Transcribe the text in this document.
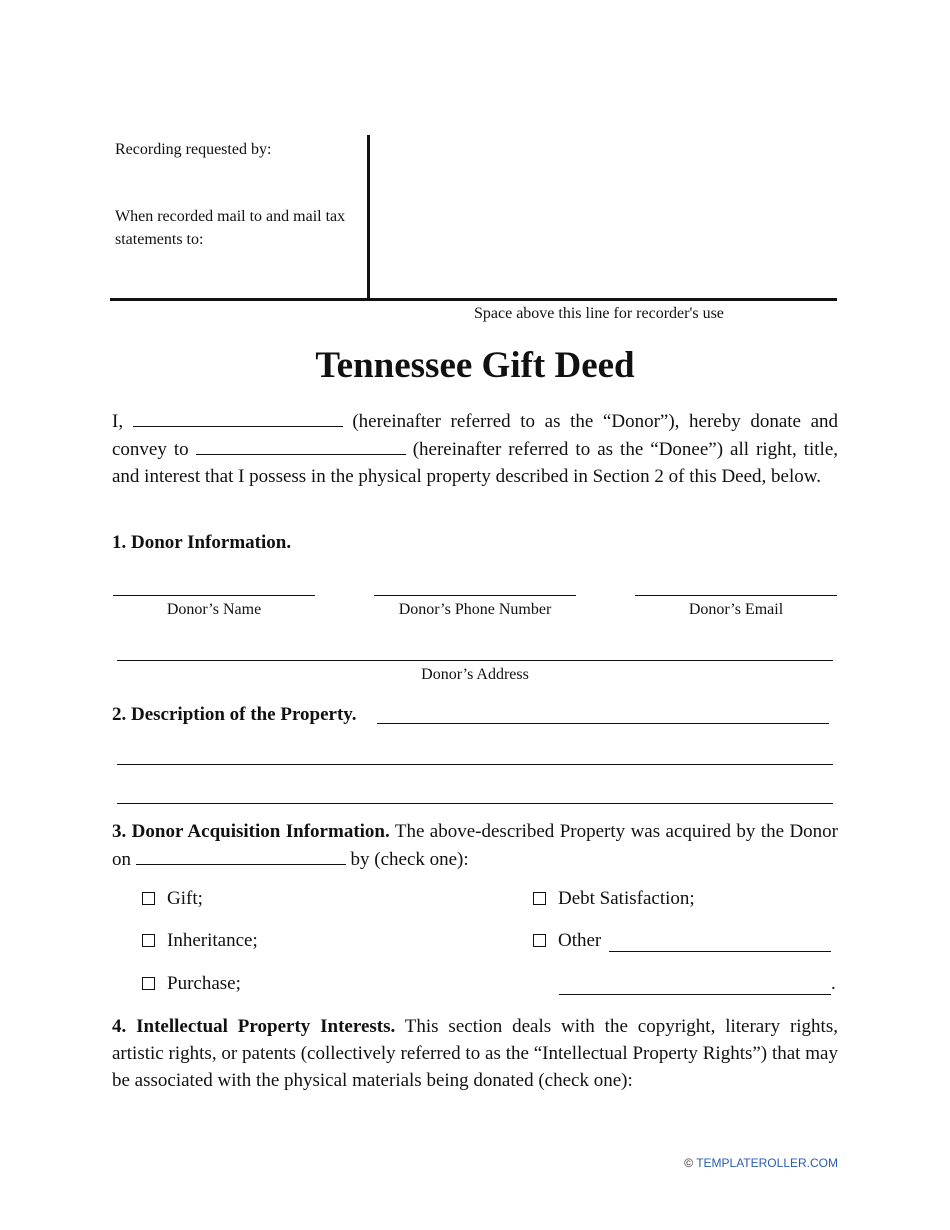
Recording requested by:
When recorded mail to and mail tax statements to:
Space above this line for recorder's use
Tennessee Gift Deed
I,	(hereinafter referred to as the “Donor”), hereby donate and convey to	(hereinafter referred to as the “Donee”) all right, title, and interest that I possess in the physical property described in Section 2 of this Deed, below.
1. Donor Information.
Donor’s Name	Donor’s Phone Number	Donor’s Email
Donor’s Address
2. Description of the Property.
3. Donor Acquisition Information. The above-described Property was acquired by the Donor on	by (check one):
Gift;
Inheritance;
Purchase;
Debt Satisfaction;
Other
.
4. Intellectual Property Interests. This section deals with the copyright, literary rights, artistic rights, or patents (collectively referred to as the “Intellectual Property Rights”) that may be associated with the physical materials being donated (check one):
© TEMPLATEROLLER.COM
